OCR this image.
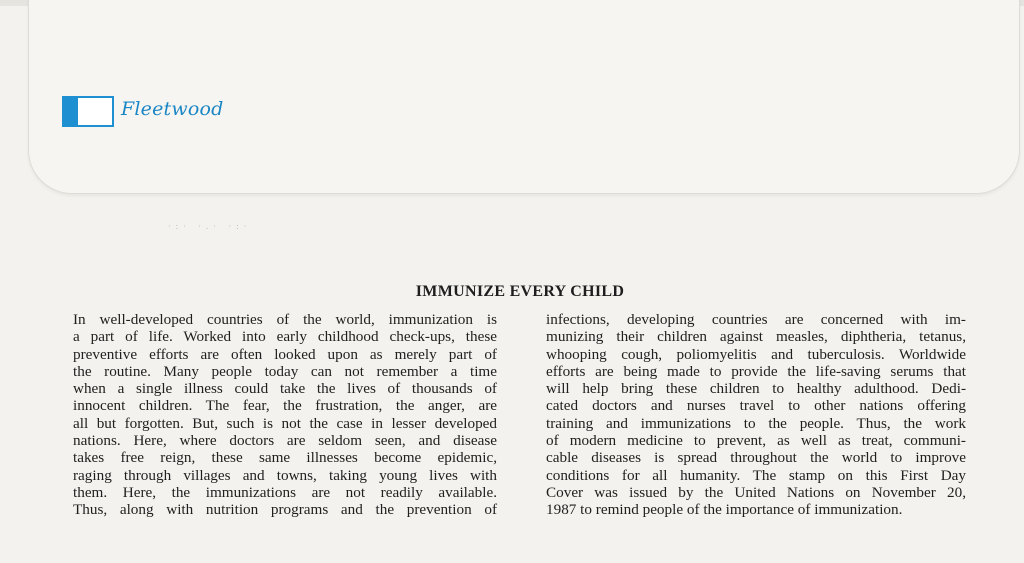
Fleetwood
·:· ·.· ·:·
IMMUNIZE EVERY CHILD
In well-developed countries of the world, immunization is
a part of life. Worked into early childhood check-ups, these
preventive efforts are often looked upon as merely part of
the routine. Many people today can not remember a time
when a single illness could take the lives of thousands of
innocent children. The fear, the frustration, the anger, are
all but forgotten. But, such is not the case in lesser developed
nations. Here, where doctors are seldom seen, and disease
takes free reign, these same illnesses become epidemic,
raging through villages and towns, taking young lives with
them. Here, the immunizations are not readily available.
Thus, along with nutrition programs and the prevention of
infections, developing countries are concerned with im-
munizing their children against measles, diphtheria, tetanus,
whooping cough, poliomyelitis and tuberculosis. Worldwide
efforts are being made to provide the life-saving serums that
will help bring these children to healthy adulthood. Dedi-
cated doctors and nurses travel to other nations offering
training and immunizations to the people. Thus, the work
of modern medicine to prevent, as well as treat, communi-
cable diseases is spread throughout the world to improve
conditions for all humanity. The stamp on this First Day
Cover was issued by the United Nations on November 20,
1987 to remind people of the importance of immunization.
